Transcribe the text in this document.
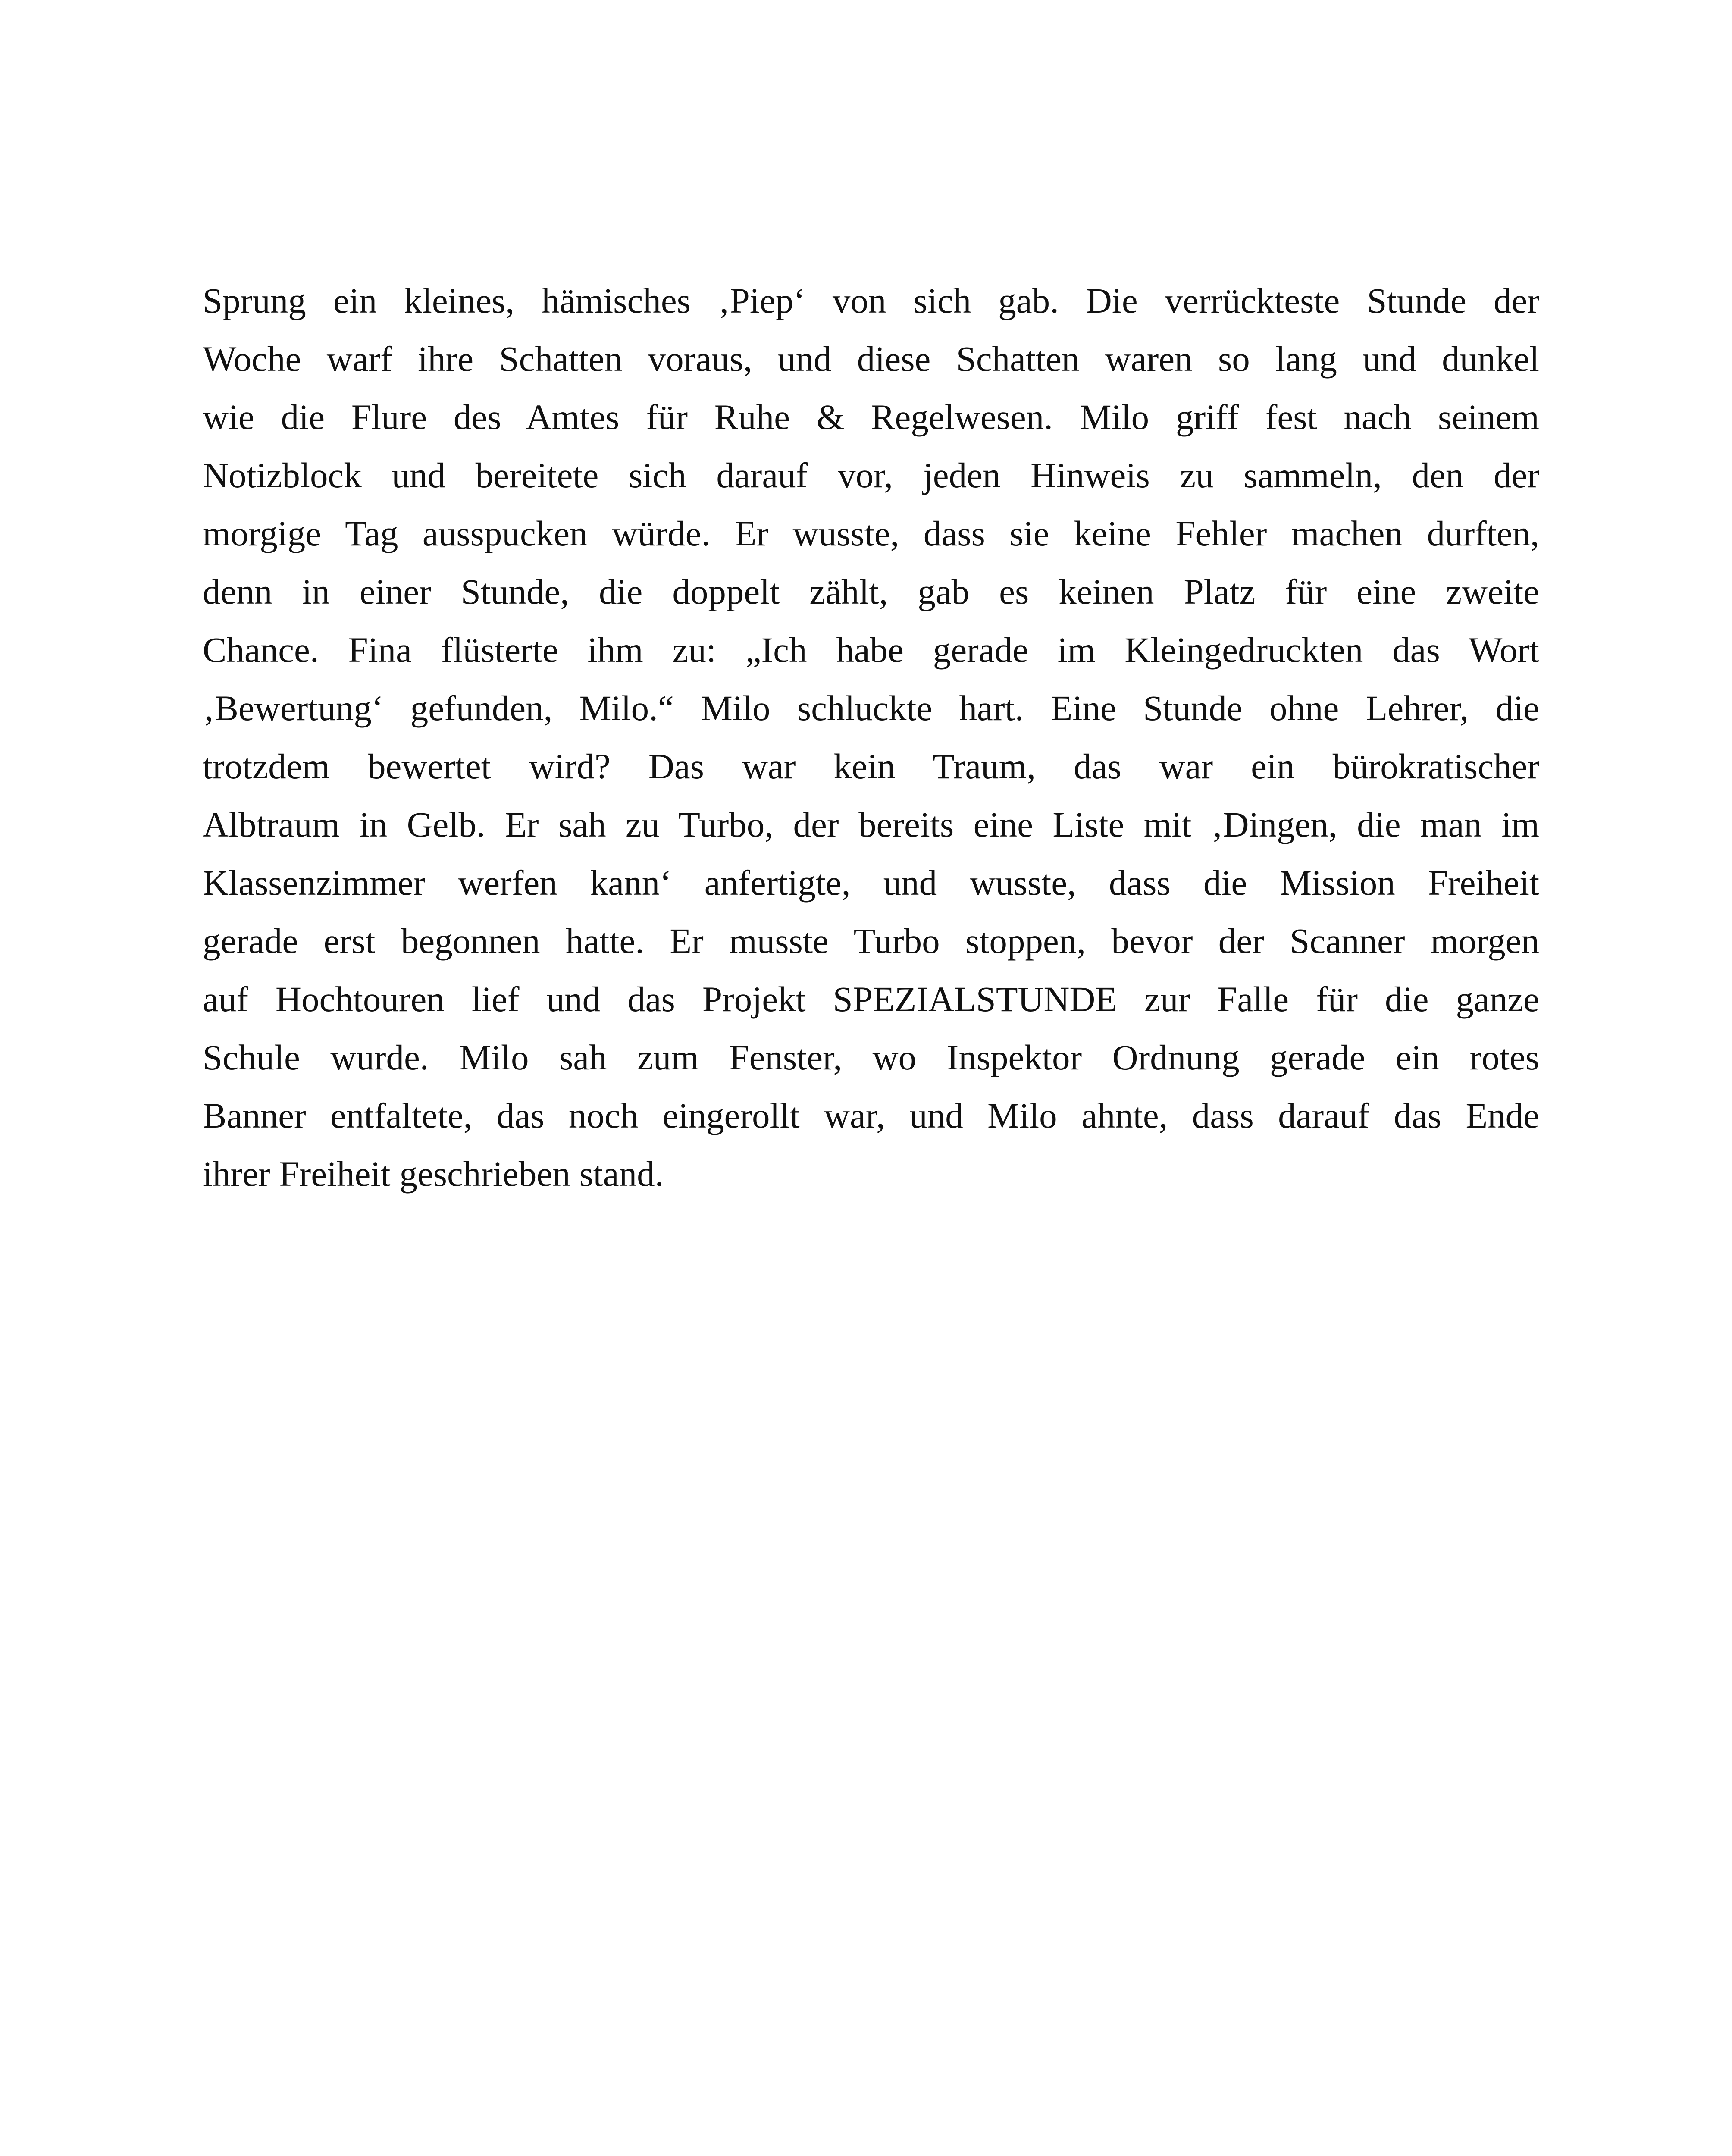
Sprung ein kleines, hämisches ‚Piep‘ von sich gab. Die verrückteste Stunde der
Woche warf ihre Schatten voraus, und diese Schatten waren so lang und dunkel
wie die Flure des Amtes für Ruhe & Regelwesen. Milo griff fest nach seinem
Notizblock und bereitete sich darauf vor, jeden Hinweis zu sammeln, den der
morgige Tag ausspucken würde. Er wusste, dass sie keine Fehler machen durften,
denn in einer Stunde, die doppelt zählt, gab es keinen Platz für eine zweite
Chance. Fina flüsterte ihm zu: „Ich habe gerade im Kleingedruckten das Wort
‚Bewertung‘ gefunden, Milo.“ Milo schluckte hart. Eine Stunde ohne Lehrer, die
trotzdem bewertet wird? Das war kein Traum, das war ein bürokratischer
Albtraum in Gelb. Er sah zu Turbo, der bereits eine Liste mit ‚Dingen, die man im
Klassenzimmer werfen kann‘ anfertigte, und wusste, dass die Mission Freiheit
gerade erst begonnen hatte. Er musste Turbo stoppen, bevor der Scanner morgen
auf Hochtouren lief und das Projekt SPEZIALSTUNDE zur Falle für die ganze
Schule wurde. Milo sah zum Fenster, wo Inspektor Ordnung gerade ein rotes
Banner entfaltete, das noch eingerollt war, und Milo ahnte, dass darauf das Ende
ihrer Freiheit geschrieben stand.
